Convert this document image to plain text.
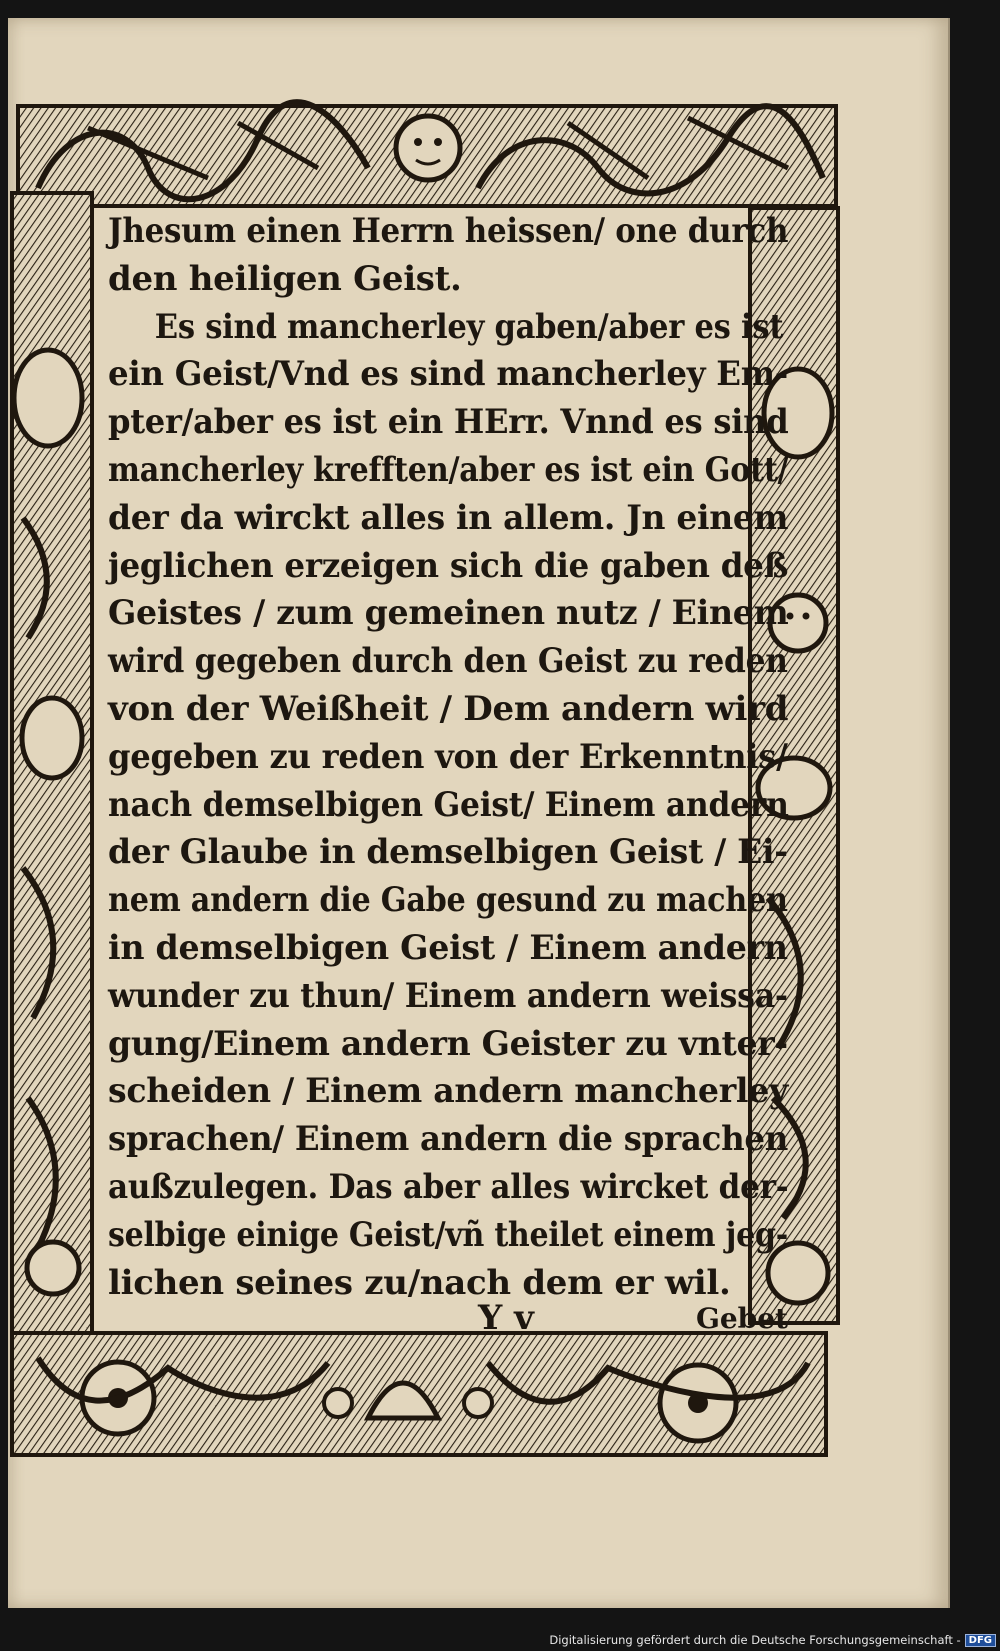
Jhesum einen Herrn heissen/ one durch
den heiligen Geist.
Es sind mancherley gaben/aber es ist
ein Geist/Vnd es sind mancherley Em-
pter/aber es ist ein HErr. Vnnd es sind
mancherley krefften/aber es ist ein Gott/
der da wirckt alles in allem. Jn einem
jeglichen erzeigen sich die gaben deß
Geistes / zum gemeinen nutz / Einem
wird gegeben durch den Geist zu reden
von der Weißheit / Dem andern wird
gegeben zu reden von der Erkenntnis/
nach demselbigen Geist/ Einem andern
der Glaube in demselbigen Geist / Ei-
nem andern die Gabe gesund zu machen
in demselbigen Geist / Einem andern
wunder zu thun/ Einem andern weissa-
gung/Einem andern Geister zu vnter-
scheiden / Einem andern mancherley
sprachen/ Einem andern die sprachen
außzulegen. Das aber alles wircket der-
selbige einige Geist/vñ theilet einem jeg-
lichen seines zu/nach dem er wil.
Y v	Gebet
Digitalisierung gefördert durch die Deutsche Forschungsgemeinschaft - DFG
